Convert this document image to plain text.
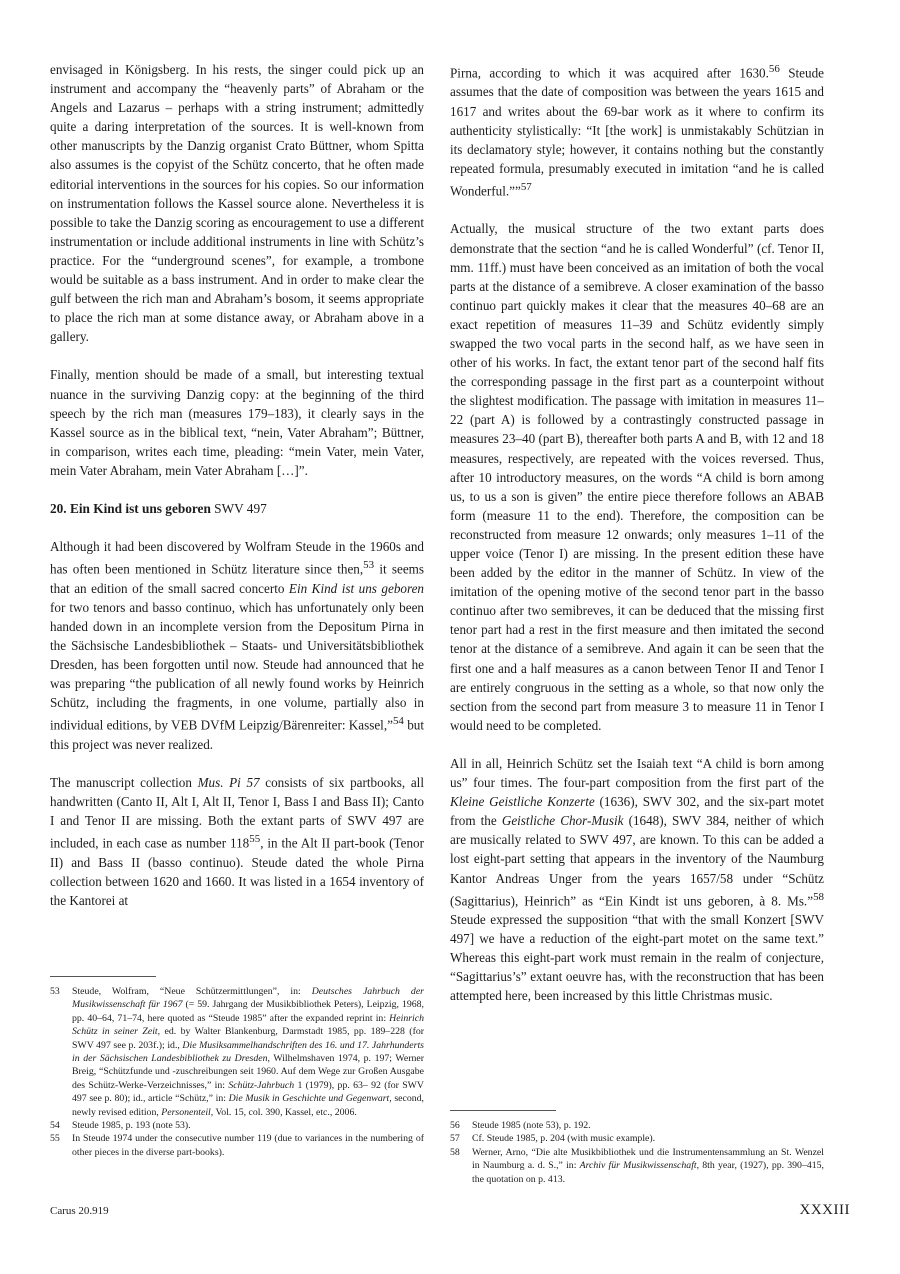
envisaged in Königsberg. In his rests, the singer could pick up an instrument and accompany the “heavenly parts” of Abraham or the Angels and Lazarus – perhaps with a string instrument; admittedly quite a daring interpretation of the sources. It is well-known from other manuscripts by the Danzig organist Crato Büttner, whom Spitta also assumes is the copyist of the Schütz concerto, that he often made editorial interventions in the sources for his copies. So our information on instrumentation follows the Kassel source alone. Nevertheless it is possible to take the Danzig scoring as encouragement to use a different instrumentation or include additional instruments in line with Schütz’s practice. For the “underground scenes”, for example, a trombone would be suitable as a bass instrument. And in order to make clear the gulf between the rich man and Abraham’s bosom, it seems appropriate to place the rich man at some distance away, or Abraham above in a gallery.

Finally, mention should be made of a small, but interesting textual nuance in the surviving Danzig copy: at the beginning of the third speech by the rich man (measures 179–183), it clearly says in the Kassel source as in the biblical text, “nein, Vater Abraham”; Büttner, in comparison, writes each time, pleading: “mein Vater, mein Vater, mein Vater Abraham, mein Vater Abraham […]”.

20. Ein Kind ist uns geboren SWV 497

Although it had been discovered by Wolfram Steude in the 1960s and has often been mentioned in Schütz literature since then,$^{53}$ it seems that an edition of the small sacred concerto Ein Kind ist uns geboren for two tenors and basso continuo, which has unfortunately only been handed down in an incomplete version from the Depositum Pirna in the Sächsische Landesbibliothek – Staats- und Universitätsbibliothek Dresden, has been forgotten until now. Steude had announced that he was preparing “the publication of all newly found works by Heinrich Schütz, including the fragments, in one volume, partially also in individual editions, by VEB DVfM Leipzig/Bärenreiter: Kassel,”$^{54}$ but this project was never realized.

The manuscript collection Mus. Pi 57 consists of six partbooks, all handwritten (Canto II, Alt I, Alt II, Tenor I, Bass I and Bass II); Canto I and Tenor II are missing. Both the extant parts of SWV 497 are included, in each case as number $118^{55}$, in the Alt II part-book (Tenor II) and Bass II (basso continuo). Steude dated the whole Pirna collection between 1620 and 1660. It was listed in a 1654 inventory of the Kantorei at

Pirna, according to which it was acquired after 1630.56 Steude assumes that the date of composition was between the years 1615 and 1617 and writes about the 69-bar work as it where to confirm its authenticity stylistically: “It [the work] is unmistakably Schützian in its declamatory style; however, it contains nothing but the constantly repeated formula, presumably executed in imitation “and he is called Wonderful.””$^{57}$

Actually, the musical structure of the two extant parts does demonstrate that the section “and he is called Wonderful” (cf. Tenor II, mm. 11ff.) must have been conceived as an imitation of both the vocal parts at the distance of a semibreve. A closer examination of the basso continuo part quickly makes it clear that the measures 40–68 are an exact repetition of measures 11–39 and Schütz evidently simply swapped the two vocal parts in the second half, as we have seen in other of his works. In fact, the extant tenor part of the second half fits the corresponding passage in the first part as a counterpoint without the slightest modification. The passage with imitation in measures 11–22 (part A) is followed by a contrastingly constructed passage in measures 23–40 (part B), thereafter both parts A and B, with 12 and 18 measures, respectively, are repeated with the voices reversed. Thus, after 10 introductory measures, on the words “A child is born among us, to us a son is given” the entire piece therefore follows an ABAB form (measure 11 to the end). Therefore, the composition can be reconstructed from measure 12 onwards; only measures 1–11 of the upper voice (Tenor I) are missing. In the present edition these have been added by the editor in the manner of Schütz. In view of the imitation of the opening motive of the second tenor part in the basso continuo after two semibreves, it can be deduced that the missing first tenor part had a rest in the first measure and then imitated the second tenor at the distance of a semibreve. And again it can be seen that the first one and a half measures as a canon between Tenor II and Tenor I are entirely congruous in the setting as a whole, so that now only the section from the second part from measure 3 to measure 11 in Tenor I would need to be completed.

All in all, Heinrich Schütz set the Isaiah text “A child is born among us” four times. The four-part composition from the first part of the Kleine Geistliche Konzerte (1636), SWV 302, and the six-part motet from the Geistliche Chor-Musik (1648), SWV 384, neither of which are musically related to SWV 497, are known. To this can be added a lost eight-part setting that appears in the inventory of the Naumburg Kantor Andreas Unger from the years 1657/58 under “Schütz (Sagittarius), Heinrich” as “Ein Kindt ist uns geboren, à 8. Ms.”$^{58}$ Steude expressed the supposition “that with the small Konzert [SWV 497] we have a reduction of the eight-part motet on the same text.” Whereas this eight-part work must remain in the realm of conjecture, “Sagittarius’s” extant oeuvre has, with the reconstruction that has been attempted here, been increased by this little Christmas music.

53 Steude, Wolfram, “Neue Schützermittlungen”, in: Deutsches Jahrbuch der Musikwissenschaft für 1967 (= 59. Jahrgang der Musikbibliothek Peters), Leipzig, 1968, pp. 40–64, 71–74, here quoted as “Steude 1985” after the expanded reprint in: Heinrich Schütz in seiner Zeit, ed. by Walter Blankenburg, Darmstadt 1985, pp. 189–228 (for SWV 497 see p. 203f.); id., Die Musiksammelhandschriften des 16. und 17. Jahrhunderts in der Sächsischen Landesbibliothek zu Dresden, Wilhelmshaven 1974, p. 197; Werner Breig, “Schützfunde und -zuschreibungen seit 1960. Auf dem Wege zur Großen Ausgabe des Schütz-Werke-Verzeichnisses,” in: Schütz-Jahrbuch 1 (1979), pp. 63– 92 (for SWV 497 see p. 80); id., article “Schütz,” in: Die Musik in Geschichte und Gegenwart, second, newly revised edition, Personenteil, Vol. 15, col. 390, Kassel, etc., 2006.
54 Steude 1985, p. 193 (note 53).
55 In Steude 1974 under the consecutive number 119 (due to variances in the numbering of other pieces in the diverse part-books).
56 Steude 1985 (note 53), p. 192.
57 Cf. Steude 1985, p. 204 (with music example).
58 Werner, Arno, “Die alte Musikbibliothek und die Instrumentensammlung an St. Wenzel in Naumburg a. d. S.,” in: Archiv für Musikwissenschaft, 8th year, (1927), pp. 390–415, the quotation on p. 413.
Carus 20.919	XXXIII
